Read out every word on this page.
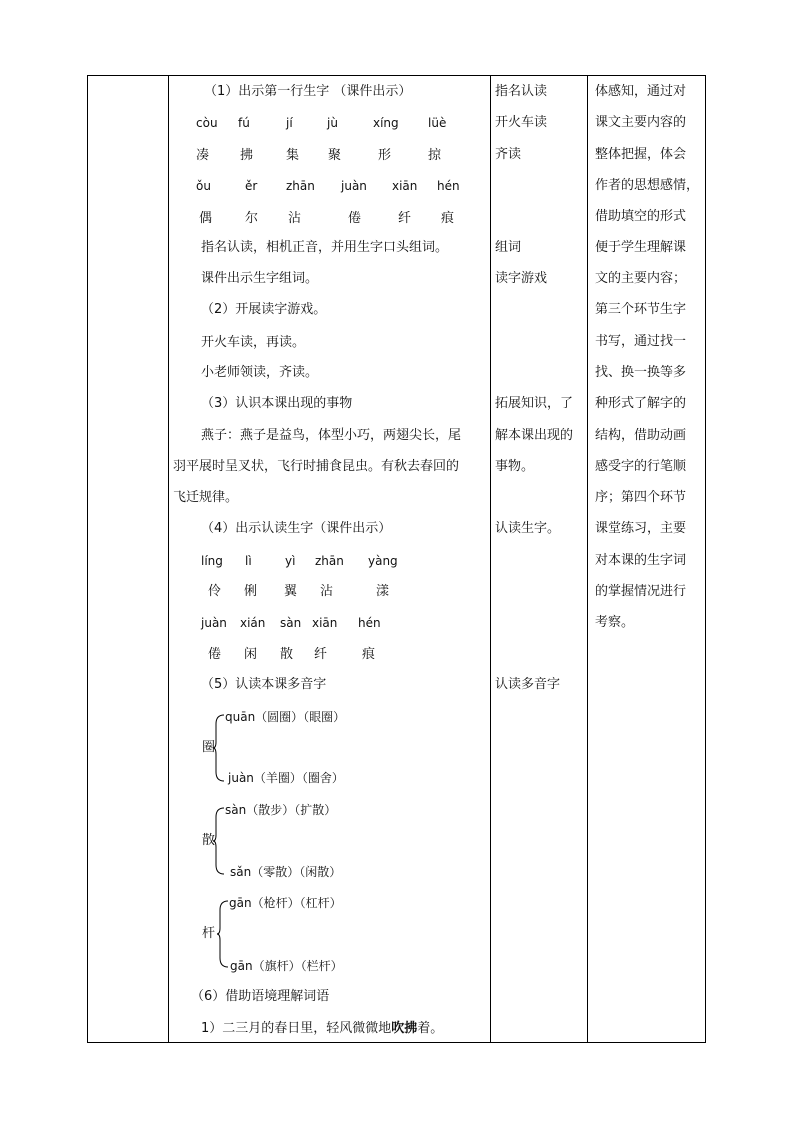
（1）出示第一行生字 （课件出示）
còu fú	jí	jù	xíng lüè
凑 拂	集 聚	形	掠
ǒu	ěr zhān juàn xiān hén
偶	尔 沾	倦	纤 痕
指名认读，相机正音，并用生字口头组词。
课件出示生字组词。
（2）开展读字游戏。
开火车读，再读。
小老师领读，齐读。
（3）认识本课出现的事物
燕子：燕子是益鸟，体型小巧，两翅尖长，尾
羽平展时呈叉状，飞行时捕食昆虫。有秋去春回的
飞迁规律。
（4）出示认读生字（课件出示）
líng lì	yì zhān yàng
伶 俐 翼 沾	漾
juàn xián sàn xiān hén
倦 闲 散 纤	痕
（5）认读本课多音字
quān（圆圈）（眼圈）
圈
juàn（羊圈）（圈舍）
sàn（散步）（扩散）
散
sǎn（零散）（闲散）
gān（枪杆）（杠杆）
杆
gān（旗杆）（栏杆）
（6）借助语境理解词语
1）二三月的春日里，轻风微微地吹拂着。
指名认读
开火车读
齐读
组词
读字游戏
拓展知识，了
解本课出现的
事物。
认读生字。
认读多音字
体感知，通过对
课文主要内容的
整体把握，体会
作者的思想感情，
借助填空的形式
便于学生理解课
文的主要内容；
第三个环节生字
书写，通过找一
找、换一换等多
种形式了解字的
结构，借助动画
感受字的行笔顺
序；第四个环节
课堂练习，主要
对本课的生字词
的掌握情况进行
考察。
